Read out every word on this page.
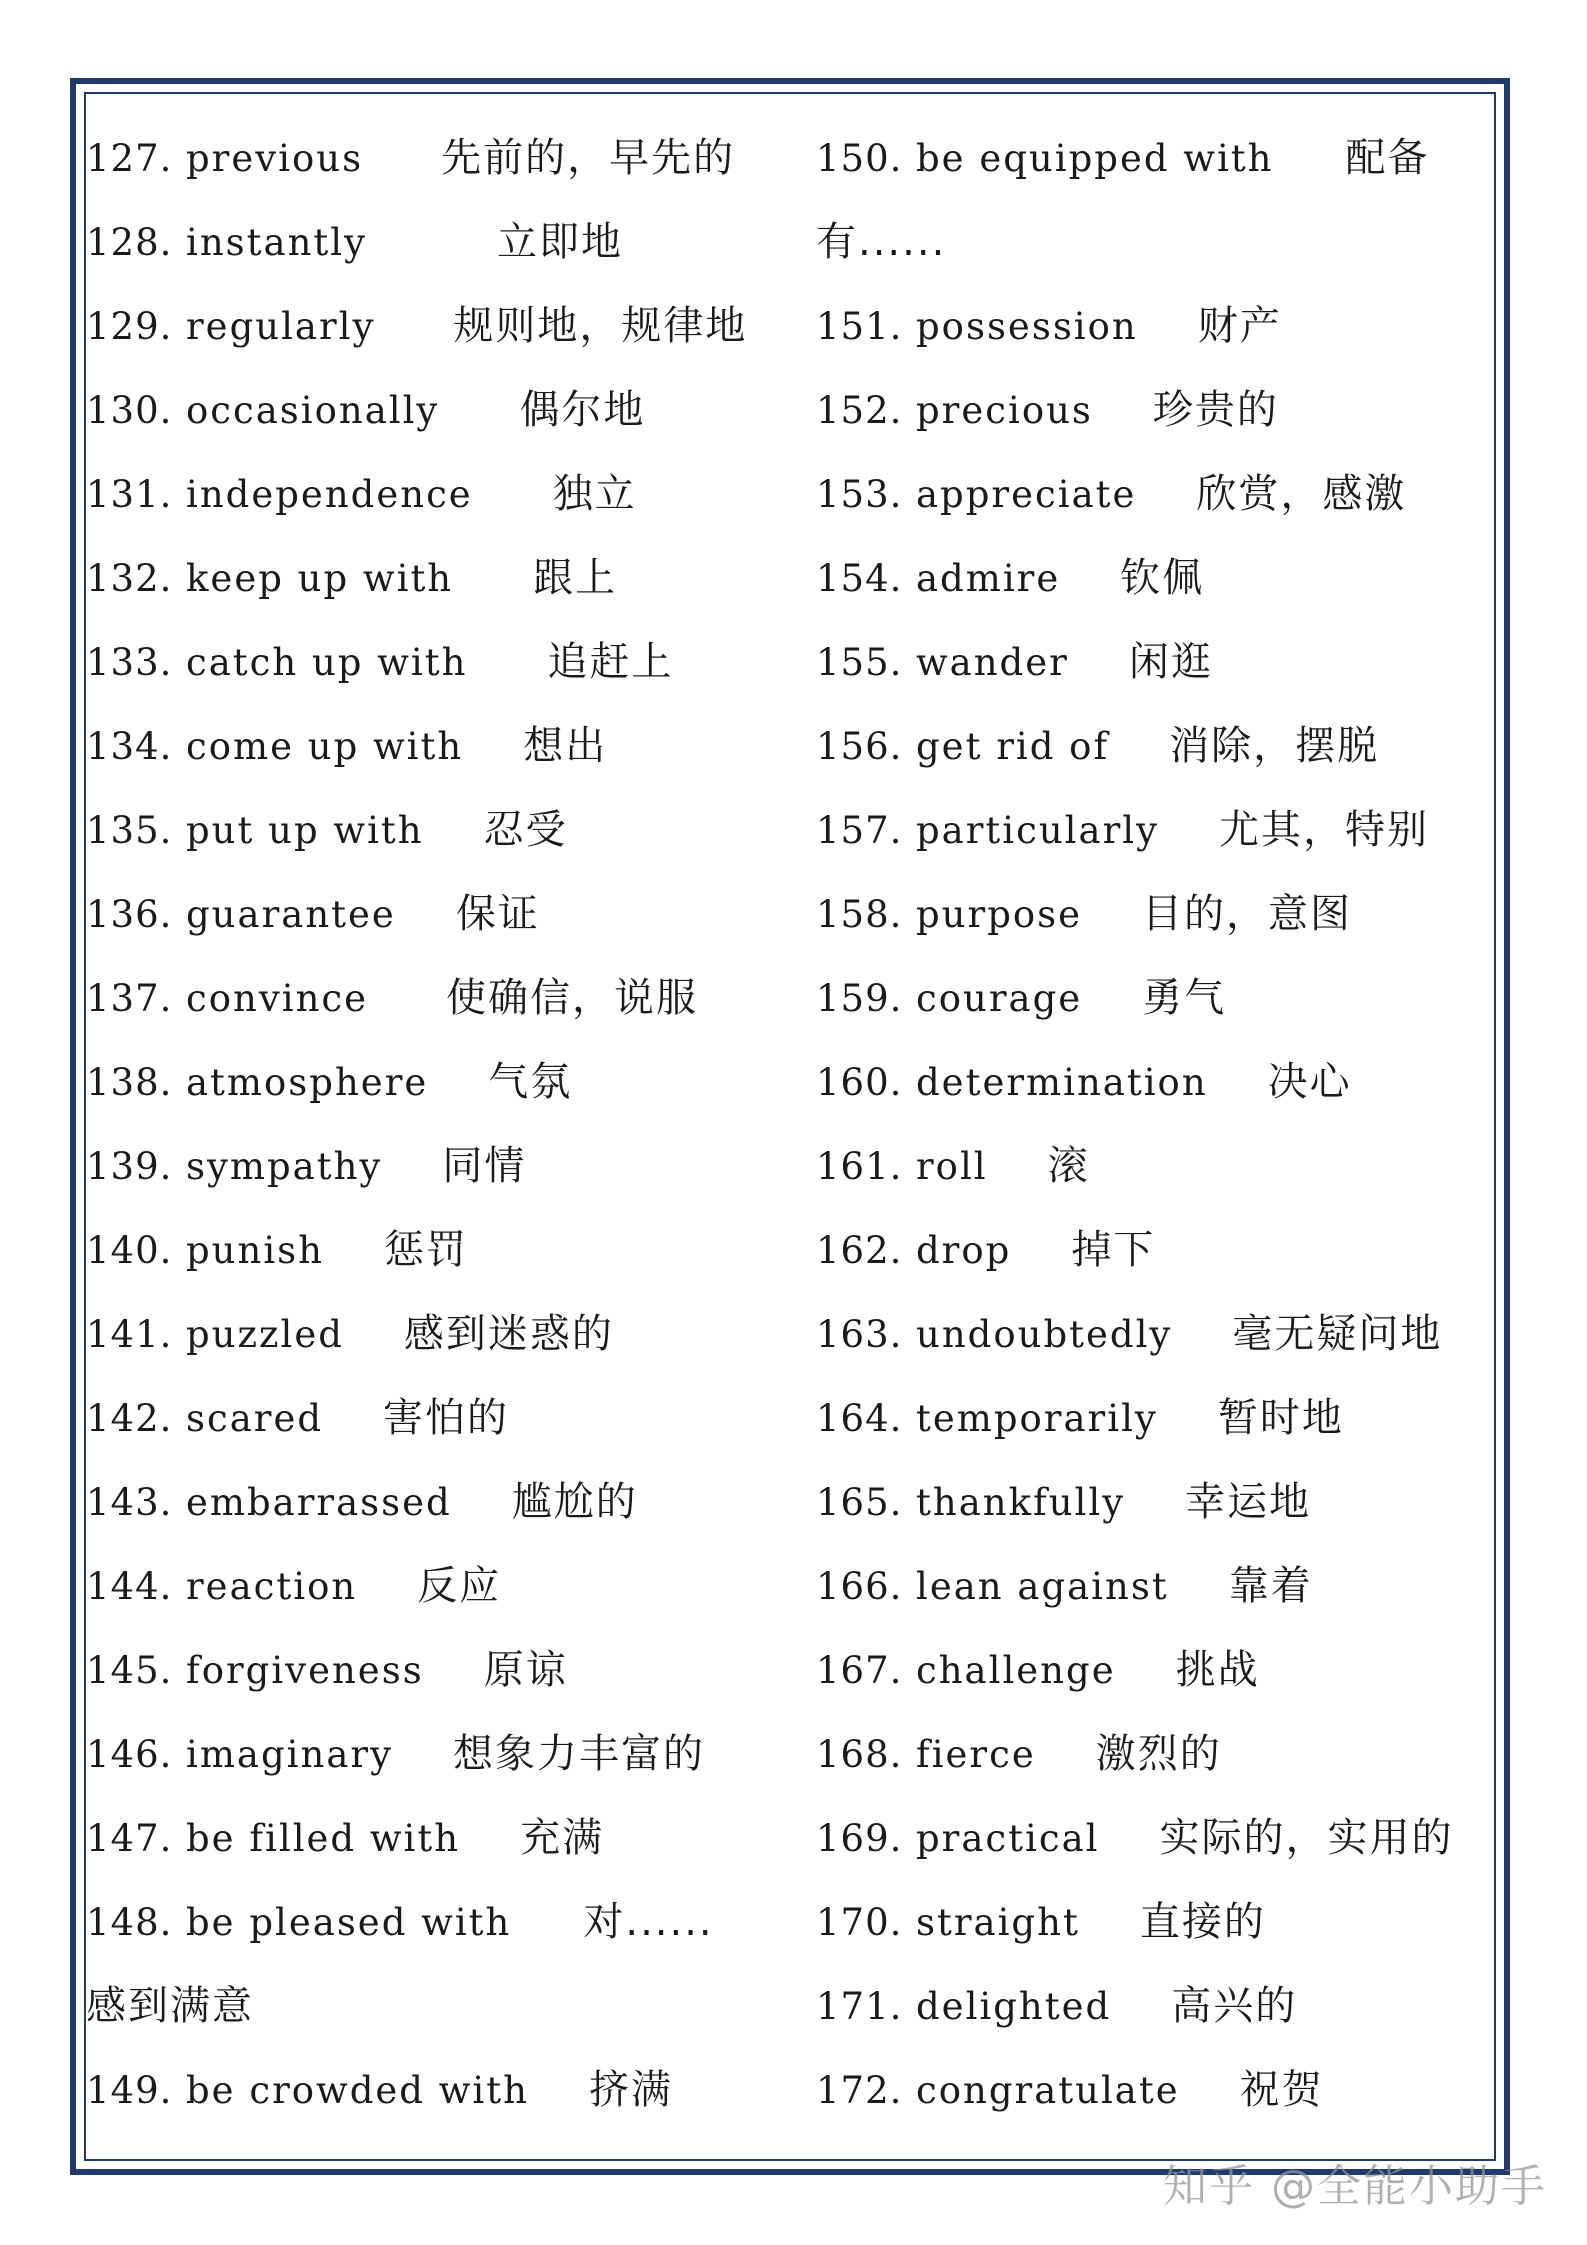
127. previous 先前的，早先的
128. instantly	立即地
129. regularly 规则地，规律地
130. occasionally 偶尔地
131. independence 独立
132. keep up with 跟上
133. catch up with 追赶上
134. come up with 想出
135. put up with 忍受
136. guarantee 保证
137. convince 使确信，说服
138. atmosphere 气氛
139. sympathy 同情
140. punish 惩罚
141. puzzled 感到迷惑的
142. scared 害怕的
143. embarrassed 尴尬的
144. reaction 反应
145. forgiveness 原谅
146. imaginary 想象力丰富的
147. be filled with 充满
148. be pleased with 对......
感到满意
149. be crowded with 挤满
150. be equipped with 配备
有......
151. possession 财产
152. precious 珍贵的
153. appreciate 欣赏，感激
154. admire 钦佩
155. wander 闲逛
156. get rid of 消除，摆脱
157. particularly 尤其，特别
158. purpose 目的，意图
159. courage 勇气
160. determination 决心
161. roll 滚
162. drop 掉下
163. undoubtedly 毫无疑问地
164. temporarily 暂时地
165. thankfully 幸运地
166. lean against 靠着
167. challenge 挑战
168. fierce 激烈的
169. practical 实际的，实用的
170. straight 直接的
171. delighted 高兴的
172. congratulate 祝贺
知乎 @全能小助手
